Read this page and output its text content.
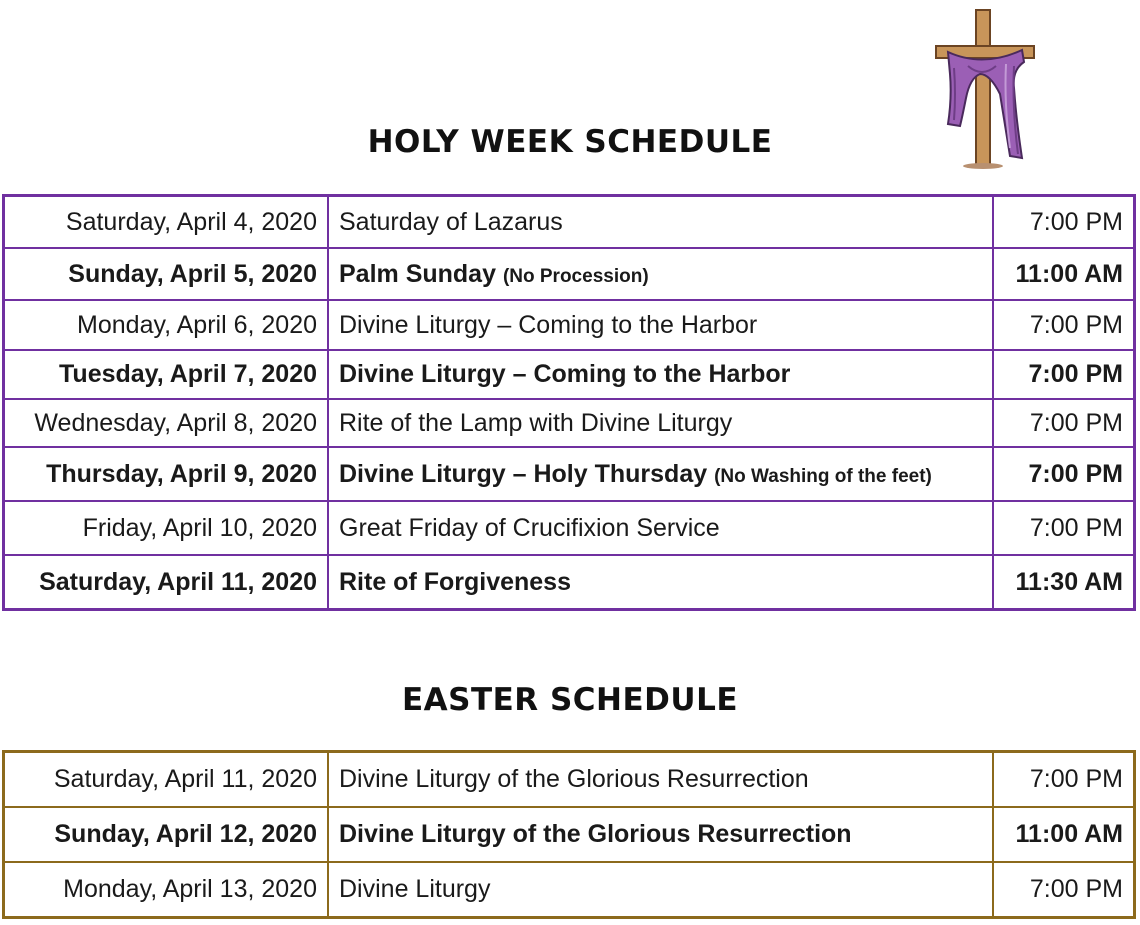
HOLY WEEK SCHEDULE
Saturday, April 4, 2020	Saturday of Lazarus	7:00 PM
Sunday, April 5, 2020	Palm Sunday (No Procession)	11:00 AM
Monday, April 6, 2020	Divine Liturgy – Coming to the Harbor	7:00 PM
Tuesday, April 7, 2020	Divine Liturgy – Coming to the Harbor	7:00 PM
Wednesday, April 8, 2020	Rite of the Lamp with Divine Liturgy	7:00 PM
Thursday, April 9, 2020	Divine Liturgy – Holy Thursday (No Washing of the feet)	7:00 PM
Friday, April 10, 2020	Great Friday of Crucifixion Service	7:00 PM
Saturday, April 11, 2020	Rite of Forgiveness	11:30 AM
EASTER SCHEDULE
Saturday, April 11, 2020	Divine Liturgy of the Glorious Resurrection	7:00 PM
Sunday, April 12, 2020	Divine Liturgy of the Glorious Resurrection	11:00 AM
Monday, April 13, 2020	Divine Liturgy	7:00 PM
